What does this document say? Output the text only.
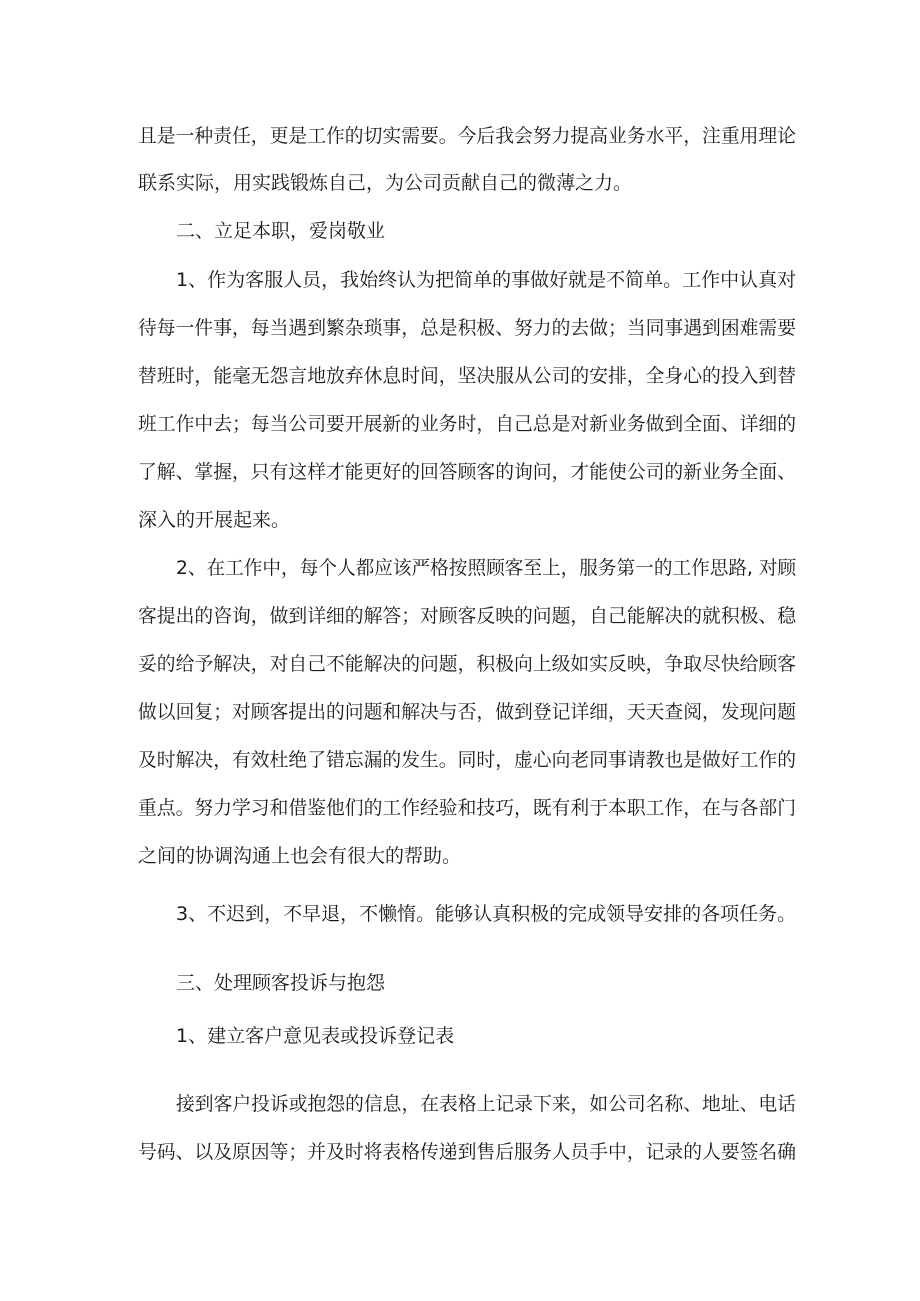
且是一种责任，更是工作的切实需要。今后我会努力提高业务水平，注重用理论
联系实际，用实践锻炼自己，为公司贡献自己的微薄之力。
二、立足本职，爱岗敬业
1、作为客服人员，我始终认为把简单的事做好就是不简单。工作中认真对
待每一件事，每当遇到繁杂琐事，总是积极、努力的去做；当同事遇到困难需要
替班时，能毫无怨言地放弃休息时间，坚决服从公司的安排，全身心的投入到替
班工作中去；每当公司要开展新的业务时，自己总是对新业务做到全面、详细的
了解、掌握，只有这样才能更好的回答顾客的询问，才能使公司的新业务全面、
深入的开展起来。
2、在工作中，每个人都应该严格按照顾客至上，服务第一的工作思路, 对顾
客提出的咨询，做到详细的解答；对顾客反映的问题，自己能解决的就积极、稳
妥的给予解决，对自己不能解决的问题，积极向上级如实反映，争取尽快给顾客
做以回复；对顾客提出的问题和解决与否，做到登记详细，天天查阅，发现问题
及时解决，有效杜绝了错忘漏的发生。同时，虚心向老同事请教也是做好工作的
重点。努力学习和借鉴他们的工作经验和技巧，既有利于本职工作，在与各部门
之间的协调沟通上也会有很大的帮助。
3、不迟到，不早退，不懒惰。能够认真积极的完成领导安排的各项任务。
三、处理顾客投诉与抱怨
1、建立客户意见表或投诉登记表
接到客户投诉或抱怨的信息，在表格上记录下来，如公司名称、地址、电话
号码、以及原因等；并及时将表格传递到售后服务人员手中，记录的人要签名确
